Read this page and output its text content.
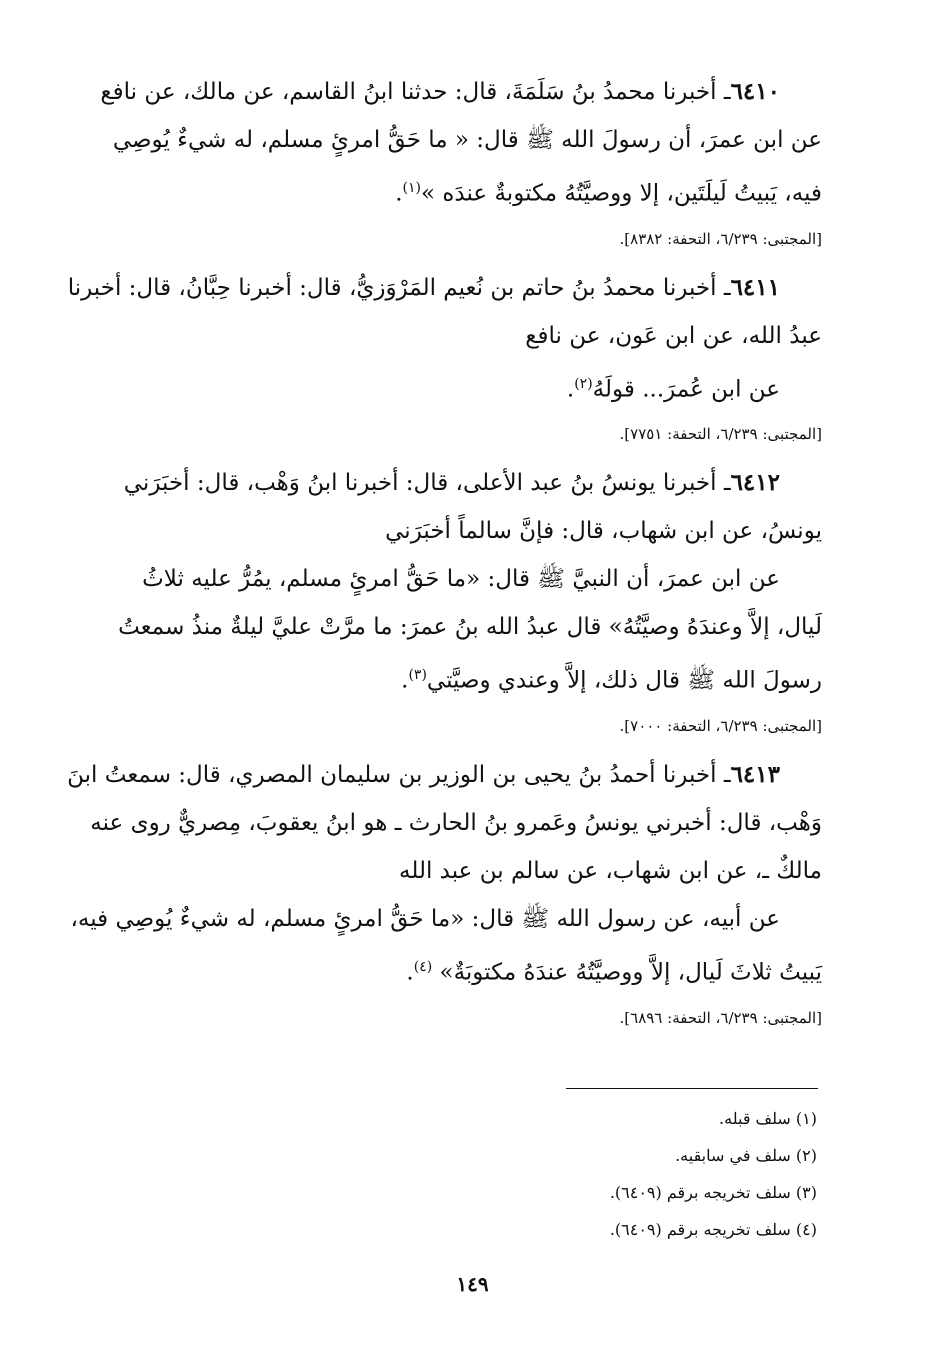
٦٤١٠ـ أخبرنا محمدُ بنُ سَلَمَةَ، قال: حدثنا ابنُ القاسم، عن مالك، عن نافع
عن ابن عمرَ، أن رسولَ الله ﷺ قال: « ما حَقُّ امرئٍ مسلم، له شيءٌ يُوصِي
فيه، يَبيتُ لَيلَتَين، إلا ووصيَّتُهُ مكتوبةٌ عندَه »$^{(١)}$.
[المجتبى: ٦/٢٣٩، التحفة: ٨٣٨٢].
٦٤١١ـ أخبرنا محمدُ بنُ حاتم بن نُعيم المَرْوَزيُّ، قال: أخبرنا حِبَّانُ، قال: أخبرنا
عبدُ الله، عن ابن عَون، عن نافع
عن ابن عُمرَ... قولَهُ$^{(٢)}$.
[المجتبى: ٦/٢٣٩، التحفة: ٧٧٥١].
٦٤١٢ـ أخبرنا يونسُ بنُ عبد الأعلى، قال: أخبرنا ابنُ وَهْب، قال: أخبَرَني
يونسُ، عن ابن شهاب، قال: فإنَّ سالماً أخبَرَني
عن ابن عمرَ، أن النبيَّ ﷺ قال: «ما حَقُّ امرئٍ مسلم، يمُرُّ عليه ثلاثُ
لَيال، إلاَّ وعندَهُ وصيَّتُهُ» قال عبدُ الله بنُ عمرَ: ما مرَّتْ عليَّ ليلةٌ منذُ سمعتُ
رسولَ الله ﷺ قال ذلك، إلاَّ وعندي وصيَّتي$^{(٣)}$.
[المجتبى: ٦/٢٣٩، التحفة: ٧٠٠٠].
٦٤١٣ـ أخبرنا أحمدُ بنُ يحيى بن الوزير بن سليمان المصري، قال: سمعتُ ابنَ
وَهْب، قال: أخبرني يونسُ وعَمرو بنُ الحارث ـ هو ابنُ يعقوبَ، مِصريٌّ روى عنه
مالكٌ ـ، عن ابن شهاب، عن سالم بن عبد الله
عن أبيه، عن رسول الله ﷺ قال: «ما حَقُّ امرئٍ مسلم، له شيءٌ يُوصِي فيه،
يَبيتُ ثلاثَ لَيال، إلاَّ ووصيَّتُهُ عندَهُ مكتوبَةٌ» $^{(٤)}$.
[المجتبى: ٦/٢٣٩، التحفة: ٦٨٩٦].
(١) سلف قبله.
(٢) سلف في سابقيه.
(٣) سلف تخريجه برقم (٦٤٠٩).
(٤) سلف تخريجه برقم (٦٤٠٩).
١٤٩
